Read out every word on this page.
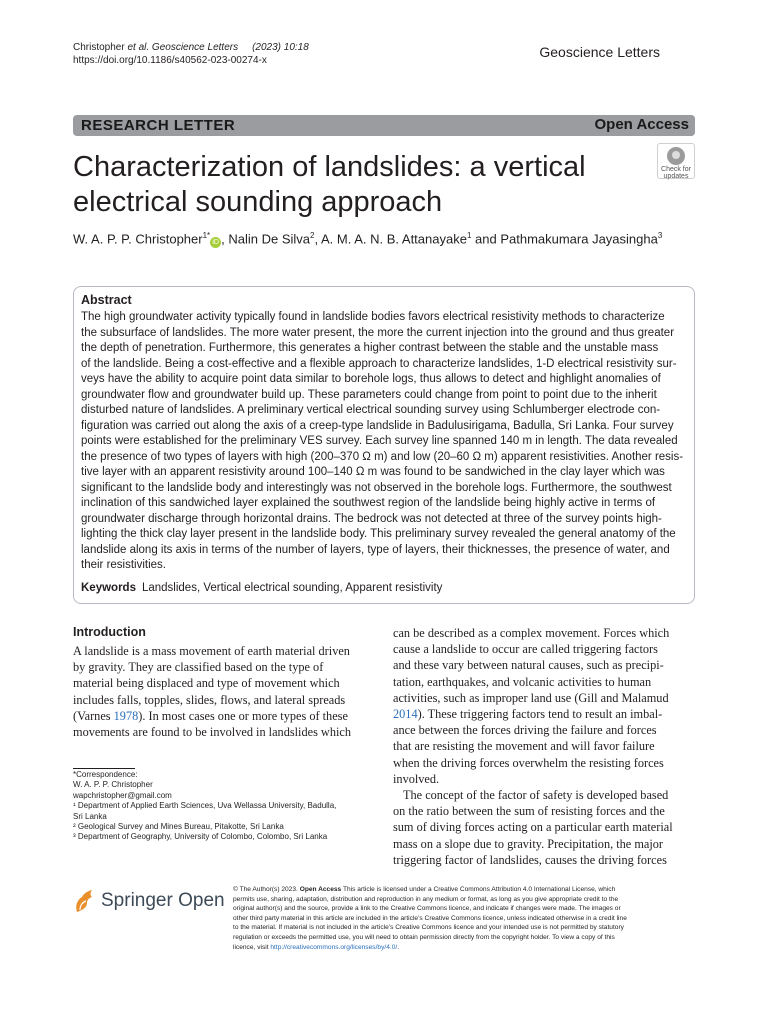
Christopher et al. Geoscience Letters (2023) 10:18
https://doi.org/10.1186/s40562-023-00274-x
Geoscience Letters
RESEARCH LETTER	Open Access
Characterization of landslides: a vertical
electrical sounding approach
Check for
updates
W. A. P. P. Christopher$^{1*}$iD , Nalin De Silva$^2$, A. M. A. N. B. Attanayake$^1$ and Pathmakumara Jayasingha$^3$
Abstract
The high groundwater activity typically found in landslide bodies favors electrical resistivity methods to characterize
the subsurface of landslides. The more water present, the more the current injection into the ground and thus greater
the depth of penetration. Furthermore, this generates a higher contrast between the stable and the unstable mass
of the landslide. Being a cost-effective and a flexible approach to characterize landslides, 1-D electrical resistivity sur-
veys have the ability to acquire point data similar to borehole logs, thus allows to detect and highlight anomalies of
groundwater flow and groundwater build up. These parameters could change from point to point due to the inherit
disturbed nature of landslides. A preliminary vertical electrical sounding survey using Schlumberger electrode con-
figuration was carried out along the axis of a creep-type landslide in Badulusirigama, Badulla, Sri Lanka. Four survey
points were established for the preliminary VES survey. Each survey line spanned 140 m in length. The data revealed
the presence of two types of layers with high (200–370 Ω m) and low (20–60 Ω m) apparent resistivities. Another resis-
tive layer with an apparent resistivity around 100–140 Ω m was found to be sandwiched in the clay layer which was
significant to the landslide body and interestingly was not observed in the borehole logs. Furthermore, the southwest
inclination of this sandwiched layer explained the southwest region of the landslide being highly active in terms of
groundwater discharge through horizontal drains. The bedrock was not detected at three of the survey points high-
lighting the thick clay layer present in the landslide body. This preliminary survey revealed the general anatomy of the
landslide along its axis in terms of the number of layers, type of layers, their thicknesses, the presence of water, and
their resistivities.
Keywords Landslides, Vertical electrical sounding, Apparent resistivity
Introduction
A landslide is a mass movement of earth material driven
by gravity. They are classified based on the type of
material being displaced and type of movement which
includes falls, topples, slides, flows, and lateral spreads
(Varnes 1978). In most cases one or more types of these
movements are found to be involved in landslides which
can be described as a complex movement. Forces which
cause a landslide to occur are called triggering factors
and these vary between natural causes, such as precipi-
tation, earthquakes, and volcanic activities to human
activities, such as improper land use (Gill and Malamud
2014). These triggering factors tend to result an imbal-
ance between the forces driving the failure and forces
that are resisting the movement and will favor failure
when the driving forces overwhelm the resisting forces
involved.
The concept of the factor of safety is developed based
on the ratio between the sum of resisting forces and the
sum of diving forces acting on a particular earth material
mass on a slope due to gravity. Precipitation, the major
triggering factor of landslides, causes the driving forces
*Correspondence:
W. A. P. P. Christopher
wapchristopher@gmail.com
¹ Department of Applied Earth Sciences, Uva Wellassa University, Badulla,
Sri Lanka
² Geological Survey and Mines Bureau, Pitakotte, Sri Lanka
³ Department of Geography, University of Colombo, Colombo, Sri Lanka
Springer Open
© The Author(s) 2023. Open Access This article is licensed under a Creative Commons Attribution 4.0 International License, which
permits use, sharing, adaptation, distribution and reproduction in any medium or format, as long as you give appropriate credit to the
original author(s) and the source, provide a link to the Creative Commons licence, and indicate if changes were made. The images or
other third party material in this article are included in the article’s Creative Commons licence, unless indicated otherwise in a credit line
to the material. If material is not included in the article’s Creative Commons licence and your intended use is not permitted by statutory
regulation or exceeds the permitted use, you will need to obtain permission directly from the copyright holder. To view a copy of this
licence, visit http://creativecommons.org/licenses/by/4.0/.
